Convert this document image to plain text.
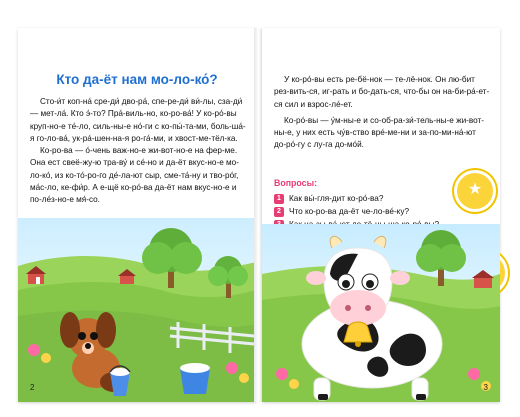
Кто да-ёт нам мо-ло-ко́?

Сто-и́т коп-на́ сре-ди́ дво-ра́, спе-ре-ди́ ви́-лы, сза-ди́ — мет-ла́. Кто э́-то? Пра́-виль-но, ко-ро-ва́! У ко-ро́-вы круп-но-е те́-ло, силь-ны-е но́-ги с ко-пы́-та-ми, боль-ша́-я го-ло-ва́, ук-ра́-шен-на-я ро-га́-ми, и хвост-ме-тёл-ка.

Ко-ро-ва — о́-чень важ-но-е жи-вот-но-е на фер-ме. Она ест свеё-жу-ю тра-ву́ и се́-но и да-ёт вкус-но-е мо-ло-ко́, из ко-то́-ро-го де́-ла-ют сыр, сме-та́-ну и тво-ро́г, ма́с-ло, ке-фи́р. А е-щё ко-ро́-ва да-ёт нам вкус-но-е и по-ле́з-но-е мя́-со.

2

У ко-ро́-вы есть ре-бё-нок — те-лё-нок. Он лю-бит рез-вить-ся, иг-рать и бо-дать-ся, что-бы он на-би-ра́-ет-ся сил и взрос-ле́-ет.

Ко-ро́-вы — у́м-ны-е и со-об-ра-зи́-тель-ны-е жи-вот-ны-е, у них есть чу́в-ство вре́-ме-ни и за-по-ми-на́-ют до-ро́-гу с лу-га до-мо́й.

Вопросы:
1 Как вы́-гля-дит ко-ро́-ва?
2 Что ко-ро-ва да-ёт че-ло-ве́-ку?
★
3
